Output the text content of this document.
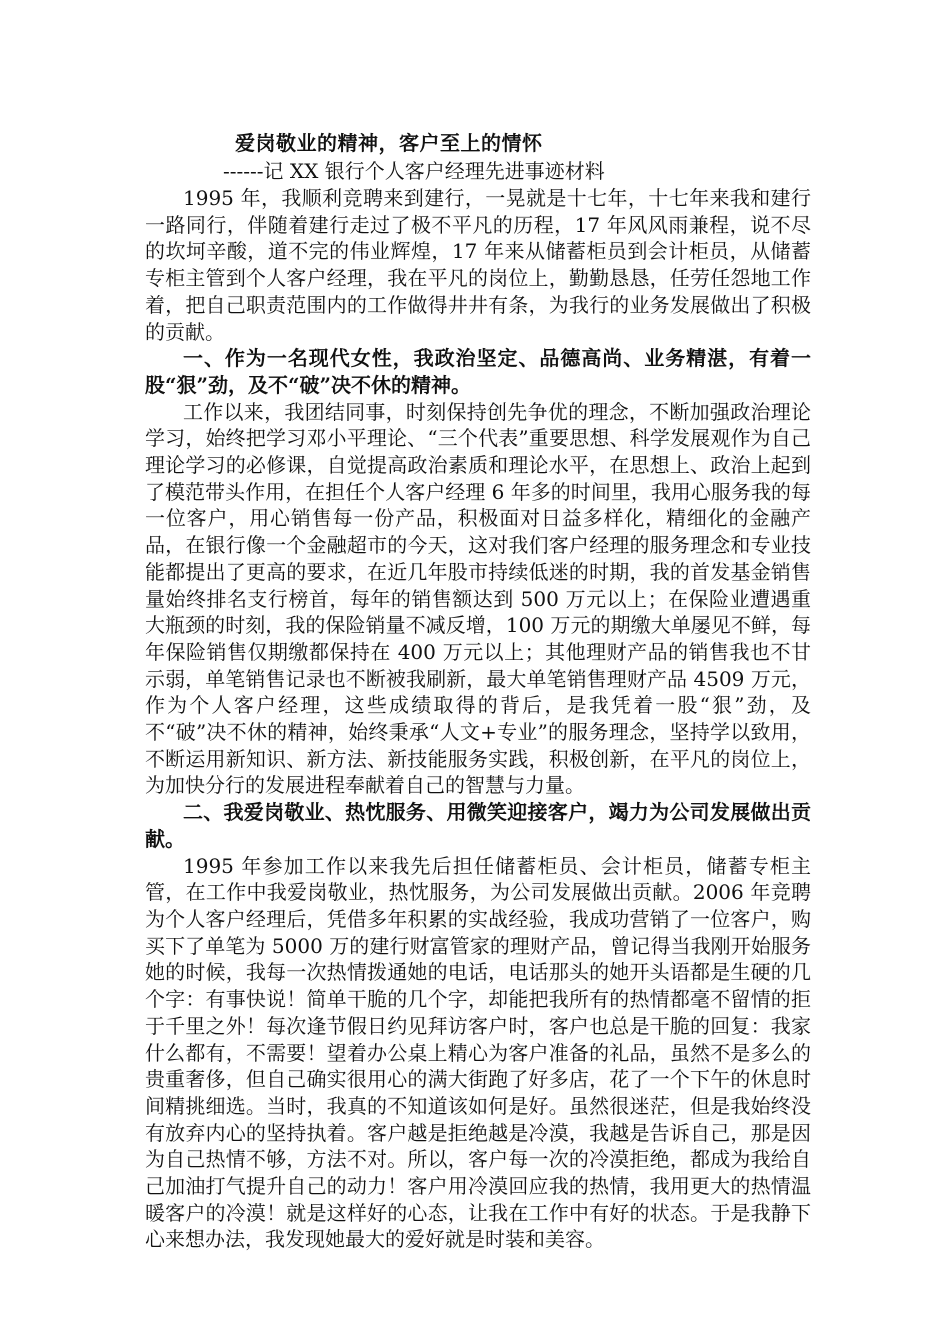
爱岗敬业的精神，客户至上的情怀
------记 XX 银行个人客户经理先进事迹材料

1995 年，我顺利竞聘来到建行，一晃就是十七年，十七年来我和建行一路同行，伴随着建行走过了极不平凡的历程，17 年风风雨兼程，说不尽的坎坷辛酸，道不完的伟业辉煌，17 年来从储蓄柜员到会计柜员，从储蓄专柜主管到个人客户经理，我在平凡的岗位上，勤勤恳恳，任劳任怨地工作着，把自己职责范围内的工作做得井井有条，为我行的业务发展做出了积极的贡献。

一、作为一名现代女性，我政治坚定、品德高尚、业务精湛，有着一股“狠”劲，及不“破”决不休的精神。

工作以来，我团结同事，时刻保持创先争优的理念，不断加强政治理论学习，始终把学习邓小平理论、“三个代表”重要思想、科学发展观作为自己理论学习的必修课，自觉提高政治素质和理论水平，在思想上、政治上起到了模范带头作用，在担任个人客户经理 6 年多的时间里，我用心服务我的每一位客户，用心销售每一份产品，积极面对日益多样化，精细化的金融产品，在银行像一个金融超市的今天，这对我们客户经理的服务理念和专业技能都提出了更高的要求，在近几年股市持续低迷的时期，我的首发基金销售量始终排名支行榜首，每年的销售额达到 500 万元以上；在保险业遭遇重大瓶颈的时刻，我的保险销量不减反增，100 万元的期缴大单屡见不鲜，每年保险销售仅期缴都保持在 400 万元以上；其他理财产品的销售我也不甘示弱，单笔销售记录也不断被我刷新，最大单笔销售理财产品 4509 万元，作为个人客户经理，这些成绩取得的背后，是我凭着一股“狠”劲，及不“破”决不休的精神，始终秉承“人文+专业”的服务理念，坚持学以致用，不断运用新知识、新方法、新技能服务实践，积极创新，在平凡的岗位上，为加快分行的发展进程奉献着自己的智慧与力量。

二、我爱岗敬业、热忱服务、用微笑迎接客户，竭力为公司发展做出贡献。

1995 年参加工作以来我先后担任储蓄柜员、会计柜员，储蓄专柜主管，在工作中我爱岗敬业，热忱服务，为公司发展做出贡献。2006 年竞聘为个人客户经理后，凭借多年积累的实战经验，我成功营销了一位客户，购买下了单笔为 5000 万的建行财富管家的理财产品，曾记得当我刚开始服务她的时候，我每一次热情拨通她的电话，电话那头的她开头语都是生硬的几个字：有事快说！简单干脆的几个字，却能把我所有的热情都毫不留情的拒于千里之外！每次逢节假日约见拜访客户时，客户也总是干脆的回复：我家什么都有，不需要！望着办公桌上精心为客户准备的礼品，虽然不是多么的贵重奢侈，但自己确实很用心的满大街跑了好多店，花了一个下午的休息时间精挑细选。当时，我真的不知道该如何是好。虽然很迷茫，但是我始终没有放弃内心的坚持执着。客户越是拒绝越是冷漠，我越是告诉自己，那是因为自己热情不够，方法不对。所以，客户每一次的冷漠拒绝，都成为我给自己加油打气提升自己的动力！客户用冷漠回应我的热情，我用更大的热情温暖客户的冷漠！就是这样好的心态，让我在工作中有好的状态。于是我静下心来想办法，我发现她最大的爱好就是时装和美容。
